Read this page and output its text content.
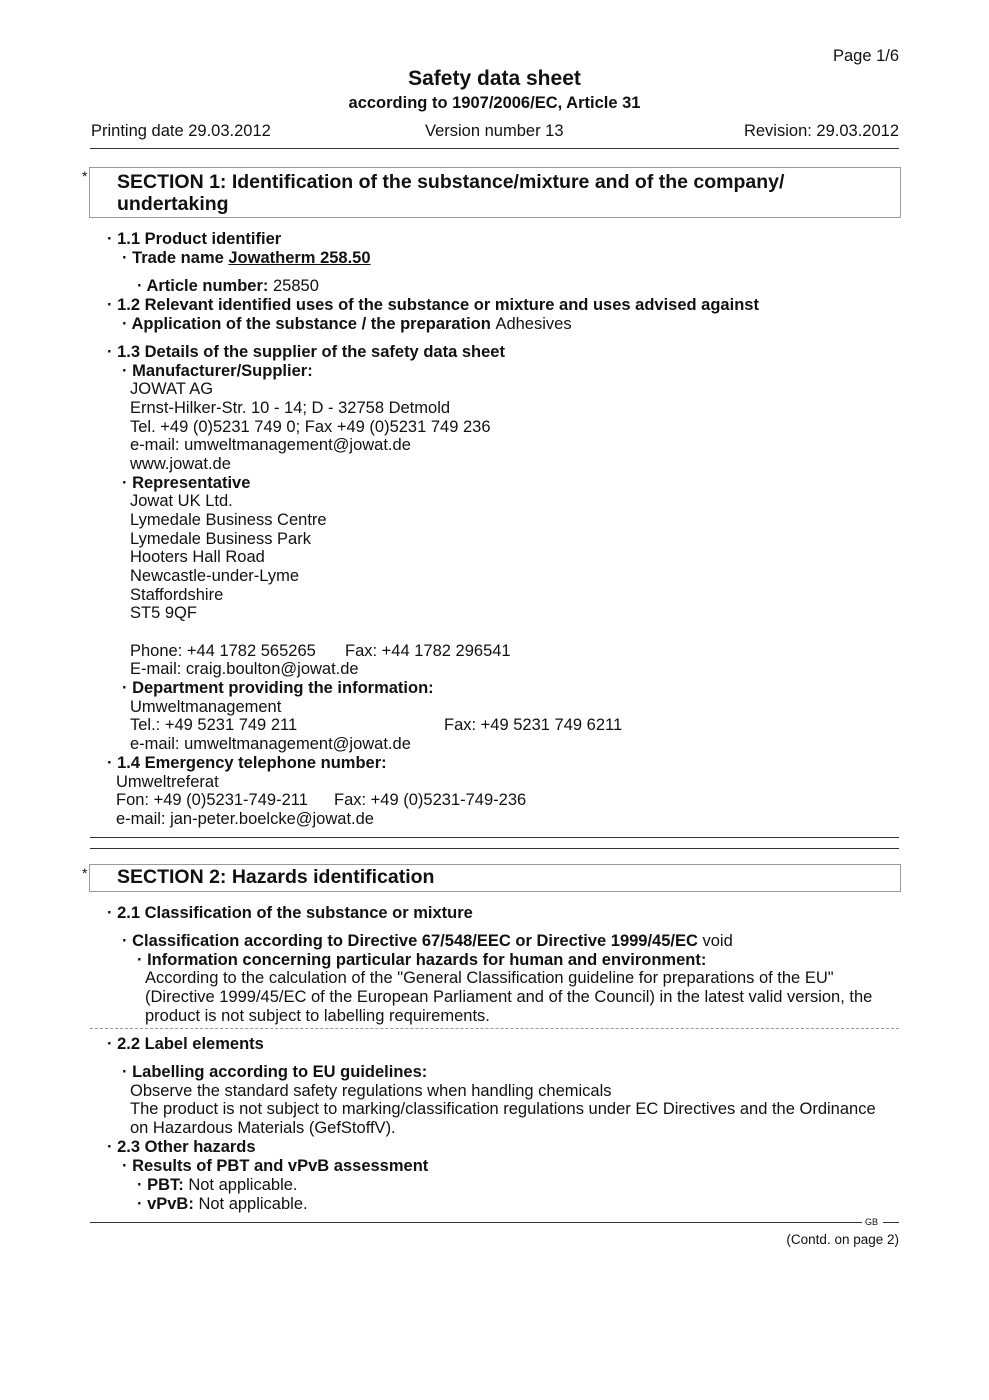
Page 1/6
Safety data sheet
according to 1907/2006/EC, Article 31
Printing date 29.03.2012	Version number 13	Revision: 29.03.2012
* SECTION 1: Identification of the substance/mixture and of the company/
undertaking
· 1.1 Product identifier
· Trade name Jowatherm 258.50
· Article number: 25850
· 1.2 Relevant identified uses of the substance or mixture and uses advised against
· Application of the substance / the preparation Adhesives
· 1.3 Details of the supplier of the safety data sheet
· Manufacturer/Supplier:
JOWAT AG
Ernst-Hilker-Str. 10 - 14; D - 32758 Detmold
Tel. +49 (0)5231 749 0; Fax +49 (0)5231 749 236
e-mail: umweltmanagement@jowat.de
www.jowat.de
· Representative
Jowat UK Ltd.
Lymedale Business Centre
Lymedale Business Park
Hooters Hall Road
Newcastle-under-Lyme
Staffordshire
ST5 9QF
Phone: +44 1782 565265 Fax: +44 1782 296541
E-mail: craig.boulton@jowat.de
· Department providing the information:
Umweltmanagement
Tel.: +49 5231 749 211	Fax: +49 5231 749 6211
e-mail: umweltmanagement@jowat.de
· 1.4 Emergency telephone number:
Umweltreferat
Fon: +49 (0)5231-749-211 Fax: +49 (0)5231-749-236
e-mail: jan-peter.boelcke@jowat.de
* SECTION 2: Hazards identification
· 2.1 Classification of the substance or mixture
· Classification according to Directive 67/548/EEC or Directive 1999/45/EC void
· Information concerning particular hazards for human and environment:
According to the calculation of the "General Classification guideline for preparations of the EU"
(Directive 1999/45/EC of the European Parliament and of the Council) in the latest valid version, the
product is not subject to labelling requirements.
· 2.2 Label elements
· Labelling according to EU guidelines:
Observe the standard safety regulations when handling chemicals
The product is not subject to marking/classification regulations under EC Directives and the Ordinance
on Hazardous Materials (GefStoffV).
· 2.3 Other hazards
· Results of PBT and vPvB assessment
· PBT: Not applicable.
· vPvB: Not applicable.
GB
(Contd. on page 2)
